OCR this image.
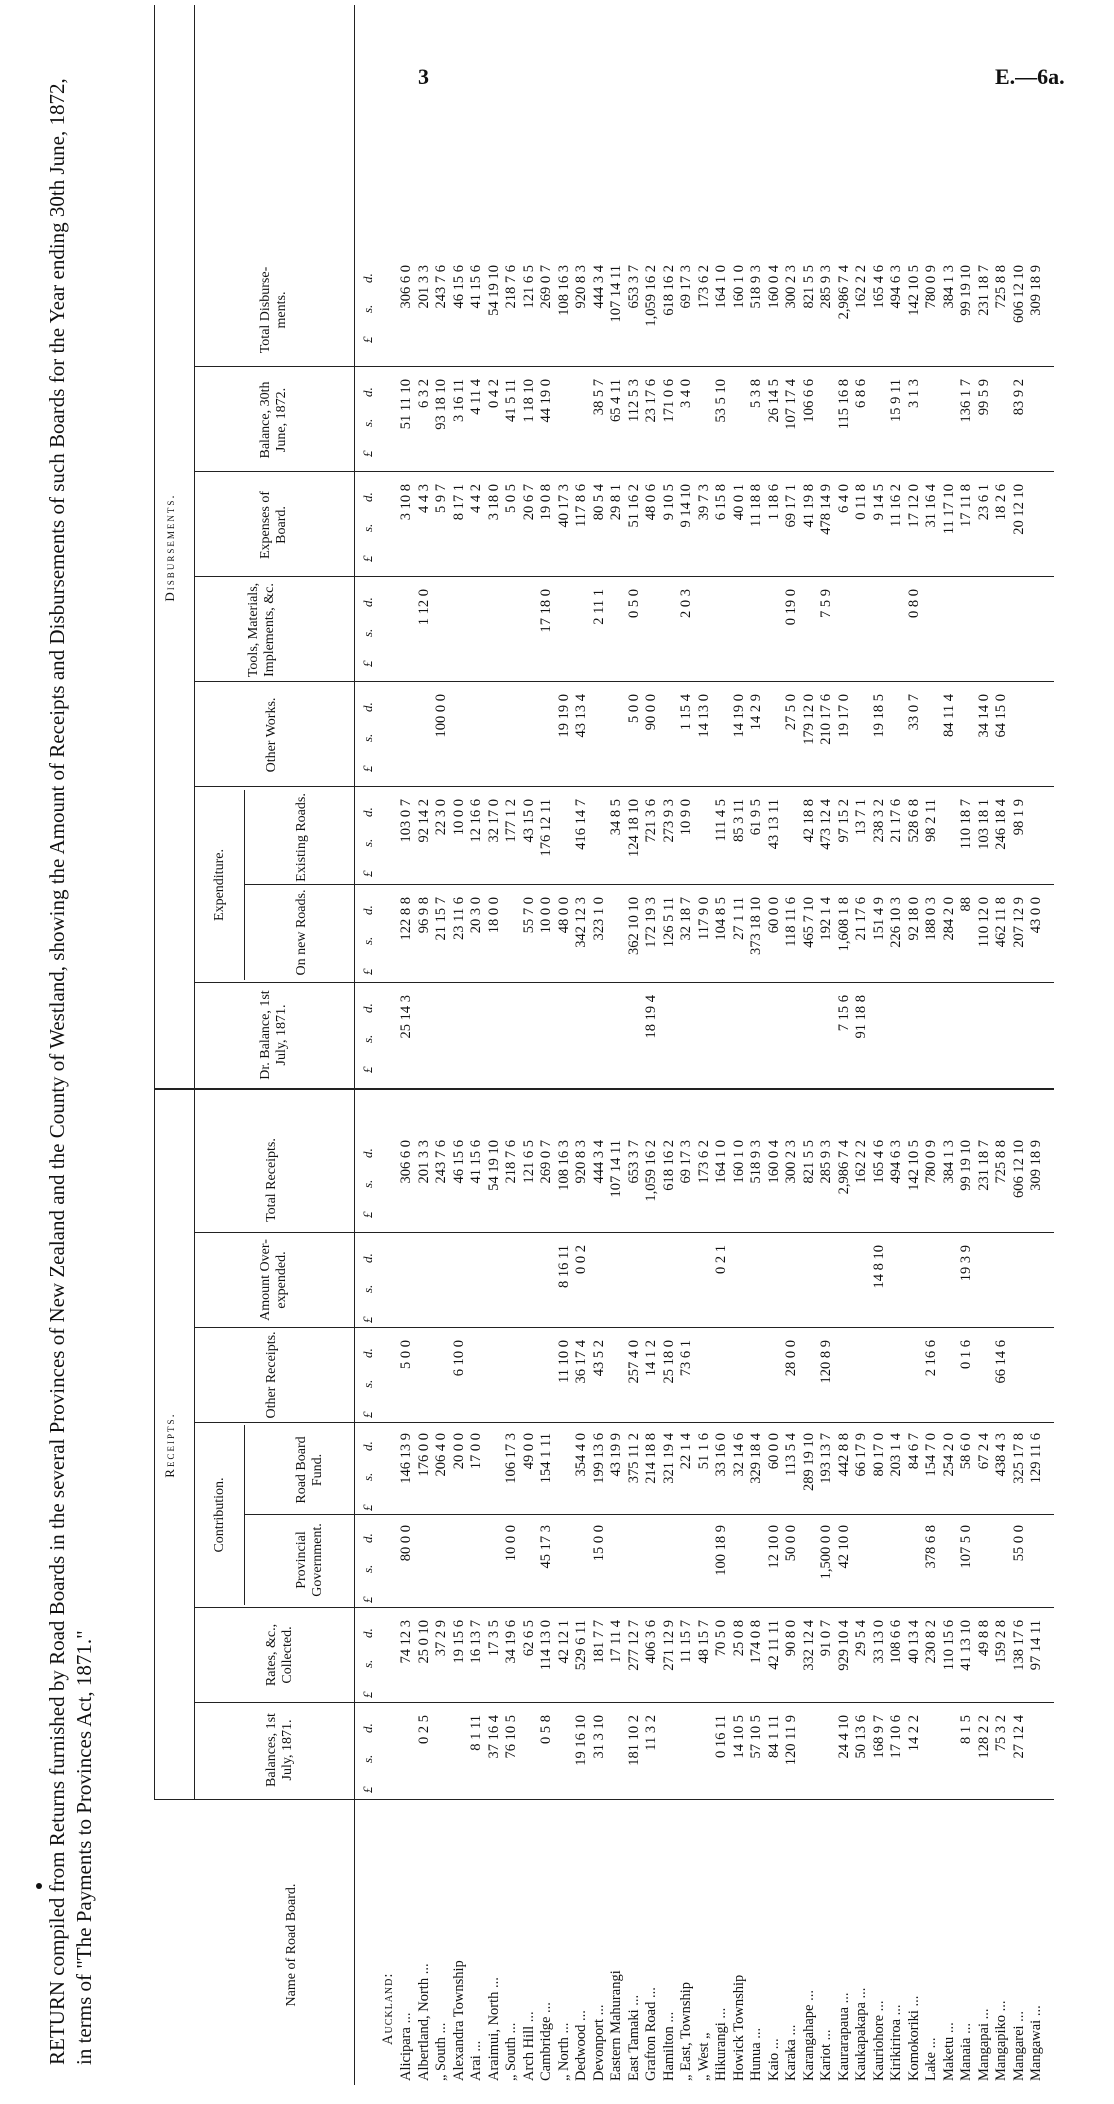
3	E.—6a.
RETURN compiled from Returns furnished by Road Boards in the several Provinces of New Zealand and the County of Westland, showing the Amount of Receipts and Disbursements of such Boards for the Year ending 30th June, 1872, in terms of "The Payments to Provinces Act, 1871."
Receipts.
Disbursements.
Name of Road Board.
Balances, 1st July, 1871.
Rates, &c., Collected.
Contribution.
Provincial Government.
Road Board Fund.
Other Receipts.
Amount Over-expended.
Total Receipts.
Dr. Balance, 1st July, 1871.
Expenditure.
On new Roads.
Existing Roads.
Other Works.
Tools, Materials, Implements, &c.
Expenses of Board.
Balance, 30th June, 1872.
Total Disburse-ments.
£
s.
d.
£
s.
d.
£
s.
d.
£
s.
d.
£
s.
d.
£
s.
d.
£
s.
d.
£
s.
d.
£
s.
d.
£
s.
d.
£
s.
d.
£
s.
d.
£
s.
d.
£
s.
d.
£
s.
d.
Auckland:
Alicipara ...
74 12 3
80 0 0
146 13 9
5 0 0
306 6 0
25 14 3
122 8 8
103 0 7
3 10 8
51 11 10
306 6 0
Albertland, North ...
0 2 5
25 0 10
176 0 0
201 3 3
96 9 8
92 14 2
1 12 0
4 4 3
6 3 2
201 3 3
„ South ...
37 2 9
206 4 0
243 7 6
21 15 7
22 3 0
100 0 0
5 9 7
93 18 10
243 7 6
Alexandra Township
19 15 6
20 0 0
6 10 0
46 15 6
23 11 6
10 0 0
8 17 1
3 16 11
46 15 6
Arai ...
8 1 11
16 13 7
17 0 0
41 15 6
20 3 0
12 16 6
4 4 2
4 11 4
41 15 6
Araimui, North ...
37 16 4
17 3 5
54 19 10
18 0 0
32 17 0
3 18 0
0 4 2
54 19 10
„ South ...
76 10 5
34 19 6
10 0 0
106 17 3
218 7 6
177 1 2
5 0 5
41 5 11
218 7 6
Arch Hill ...
62 6 5
49 0 0
121 6 5
55 7 0
43 15 0
20 6 7
1 18 10
121 6 5
Cambridge ...
0 5 8
114 13 0
45 17 3
154 1 11
269 0 7
10 0 0
176 12 11
17 18 0
19 0 8
44 19 0
269 0 7
„ North ...
42 12 1
11 10 0
8 16 11
108 16 3
48 0 0
19 19 0
40 17 3
108 16 3
Dedwood ...
19 16 10
529 6 11
354 4 0
36 17 4
0 0 2
920 8 3
342 12 3
416 14 7
43 13 4
117 8 6
920 8 3
Devonport ...
31 3 10
181 7 7
15 0 0
199 13 6
43 5 2
444 3 4
323 1 0
2 11 1
80 5 4
38 5 7
444 3 4
Eastern Mahurangi
17 11 4
43 19 9
107 14 11
34 8 5
29 8 1
65 4 11
107 14 11
East Tamaki ...
181 10 2
277 12 7
375 11 2
257 4 0
653 3 7
362 10 10
124 18 10
5 0 0
0 5 0
51 16 2
112 5 3
653 3 7
Grafton Road ...
11 3 2
406 3 6
214 18 8
14 1 2
1,059 16 2
18 19 4
172 19 3
721 3 6
90 0 0
48 0 6
23 17 6
1,059 16 2
Hamilton ...
271 12 9
321 19 4
25 18 0
618 16 2
126 5 11
273 9 3
9 10 5
171 0 6
618 16 2
„ East, Township
11 15 7
22 1 4
73 6 1
69 17 3
32 18 7
10 9 0
1 15 4
2 0 3
9 14 10
3 4 0
69 17 3
„ West „
48 15 7
51 1 6
173 6 2
117 9 0
14 13 0
39 7 3
173 6 2
Hikurangi ...
0 16 11
70 5 0
100 18 9
33 16 0
0 2 1
164 1 0
104 8 5
111 4 5
6 15 8
53 5 10
164 1 0
Howick Township
14 10 5
25 0 8
32 14 6
160 1 0
27 1 11
85 3 11
14 19 0
40 0 1
160 1 0
Hunua ...
57 10 5
174 0 8
329 18 4
518 9 3
373 18 10
61 9 5
14 2 9
11 18 8
5 3 8
518 9 3
Kaio ...
84 1 11
42 11 11
12 10 0
60 0 0
160 0 4
60 0 0
43 13 11
1 18 6
26 14 5
160 0 4
Karaka ...
120 11 9
90 8 0
50 0 0
113 5 4
28 0 0
300 2 3
118 11 6
27 5 0
0 19 0
69 17 1
107 17 4
300 2 3
Karangahape ...
332 12 4
289 19 10
821 5 5
465 7 10
42 18 8
179 12 0
41 19 8
106 6 6
821 5 5
Kariot ...
91 0 7
1,500 0 0
193 13 7
120 8 9
285 9 3
192 1 4
473 12 4
210 17 6
7 5 9
478 14 9
285 9 3
Kaurarapaua ...
24 4 10
929 10 4
42 10 0
442 8 8
2,986 7 4
7 15 6
1,608 1 8
97 15 2
19 17 0
6 4 0
115 16 8
2,986 7 4
Kaukapakapa ...
50 13 6
29 5 4
66 17 9
162 2 2
91 18 8
21 17 6
13 7 1
0 11 8
6 8 6
162 2 2
Kauriohore ...
168 9 7
33 13 0
80 17 0
14 8 10
165 4 6
151 4 9
238 3 2
19 18 5
9 14 5
165 4 6
Kirikiriroa ...
17 10 6
108 6 6
203 1 4
494 6 3
226 10 3
21 17 6
11 16 2
15 9 11
494 6 3
Komokoriki ...
14 2 2
40 13 4
84 6 7
142 10 5
92 18 0
528 6 8
33 0 7
0 8 0
17 12 0
3 1 3
142 10 5
Lake ...
230 8 2
378 6 8
154 7 0
2 16 6
780 0 9
188 0 3
98 2 11
31 16 4
780 0 9
Maketu ...
110 15 6
254 2 0
384 1 3
284 2 0
84 11 4
11 17 10
384 1 3
Manaia ...
8 1 5
41 13 10
107 5 0
58 6 0
0 1 6
19 3 9
99 19 10
88
110 18 7
17 11 8
136 1 7
99 19 10
Mangapai ...
128 2 2
49 8 8
67 2 4
231 18 7
110 12 0
103 18 1
34 14 0
23 6 1
99 5 9
231 18 7
Mangapiko ...
75 3 2
159 2 8
438 4 3
66 14 6
725 8 8
462 11 8
246 18 4
64 15 0
18 2 6
725 8 8
Mangarei ...
27 12 4
138 17 6
55 0 0
325 17 8
606 12 10
207 12 9
98 1 9
20 12 10
83 9 2
606 12 10
Mangawai ...
97 14 11
129 11 6
309 18 9
43 0 0
309 18 9
